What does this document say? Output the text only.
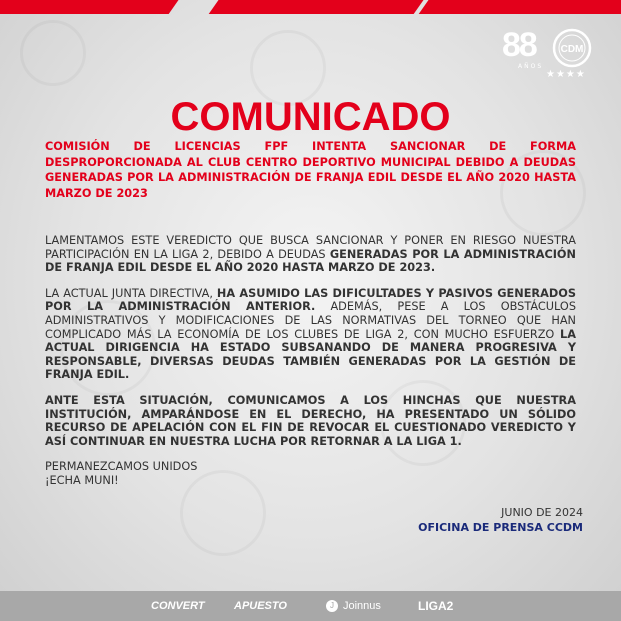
88
AÑOS
CDM
★★★★
COMUNICADO

COMISIÓN DE LICENCIAS FPF INTENTA SANCIONAR DE FORMA DESPROPORCIONADA AL CLUB CENTRO DEPORTIVO MUNICIPAL DEBIDO A DEUDAS GENERADAS POR LA ADMINISTRACIÓN DE FRANJA EDIL DESDE EL AÑO 2020 HASTA MARZO DE 2023

LAMENTAMOS ESTE VEREDICTO QUE BUSCA SANCIONAR Y PONER EN RIESGO NUESTRA PARTICIPACIÓN EN LA LIGA 2, DEBIDO A DEUDAS GENERADAS POR LA ADMINISTRACIÓN DE FRANJA EDIL DESDE EL AÑO 2020 HASTA MARZO DE 2023.

LA ACTUAL JUNTA DIRECTIVA, HA ASUMIDO LAS DIFICULTADES Y PASIVOS GENERADOS POR LA ADMINISTRACIÓN ANTERIOR. ADEMÁS, PESE A LOS OBSTÁCULOS ADMINISTRATIVOS Y MODIFICACIONES DE LAS NORMATIVAS DEL TORNEO QUE HAN COMPLICADO MÁS LA ECONOMÍA DE LOS CLUBES DE LIGA 2, CON MUCHO ESFUERZO LA ACTUAL DIRIGENCIA HA ESTADO SUBSANANDO DE MANERA PROGRESIVA Y RESPONSABLE, DIVERSAS DEUDAS TAMBIÉN GENERADAS POR LA GESTIÓN DE FRANJA EDIL.

ANTE ESTA SITUACIÓN, COMUNICAMOS A LOS HINCHAS QUE NUESTRA INSTITUCIÓN, AMPARÁNDOSE EN EL DERECHO, HA PRESENTADO UN SÓLIDO RECURSO DE APELACIÓN CON EL FIN DE REVOCAR EL CUESTIONADO VEREDICTO Y ASÍ CONTINUAR EN NUESTRA LUCHA POR RETORNAR A LA LIGA 1.

PERMANEZCAMOS UNIDOS

¡ECHA MUNI!

JUNIO DE 2024
OFICINA DE PRENSA CCDM
CONVERT	APUESTO	J Joinnus	LIGA2
